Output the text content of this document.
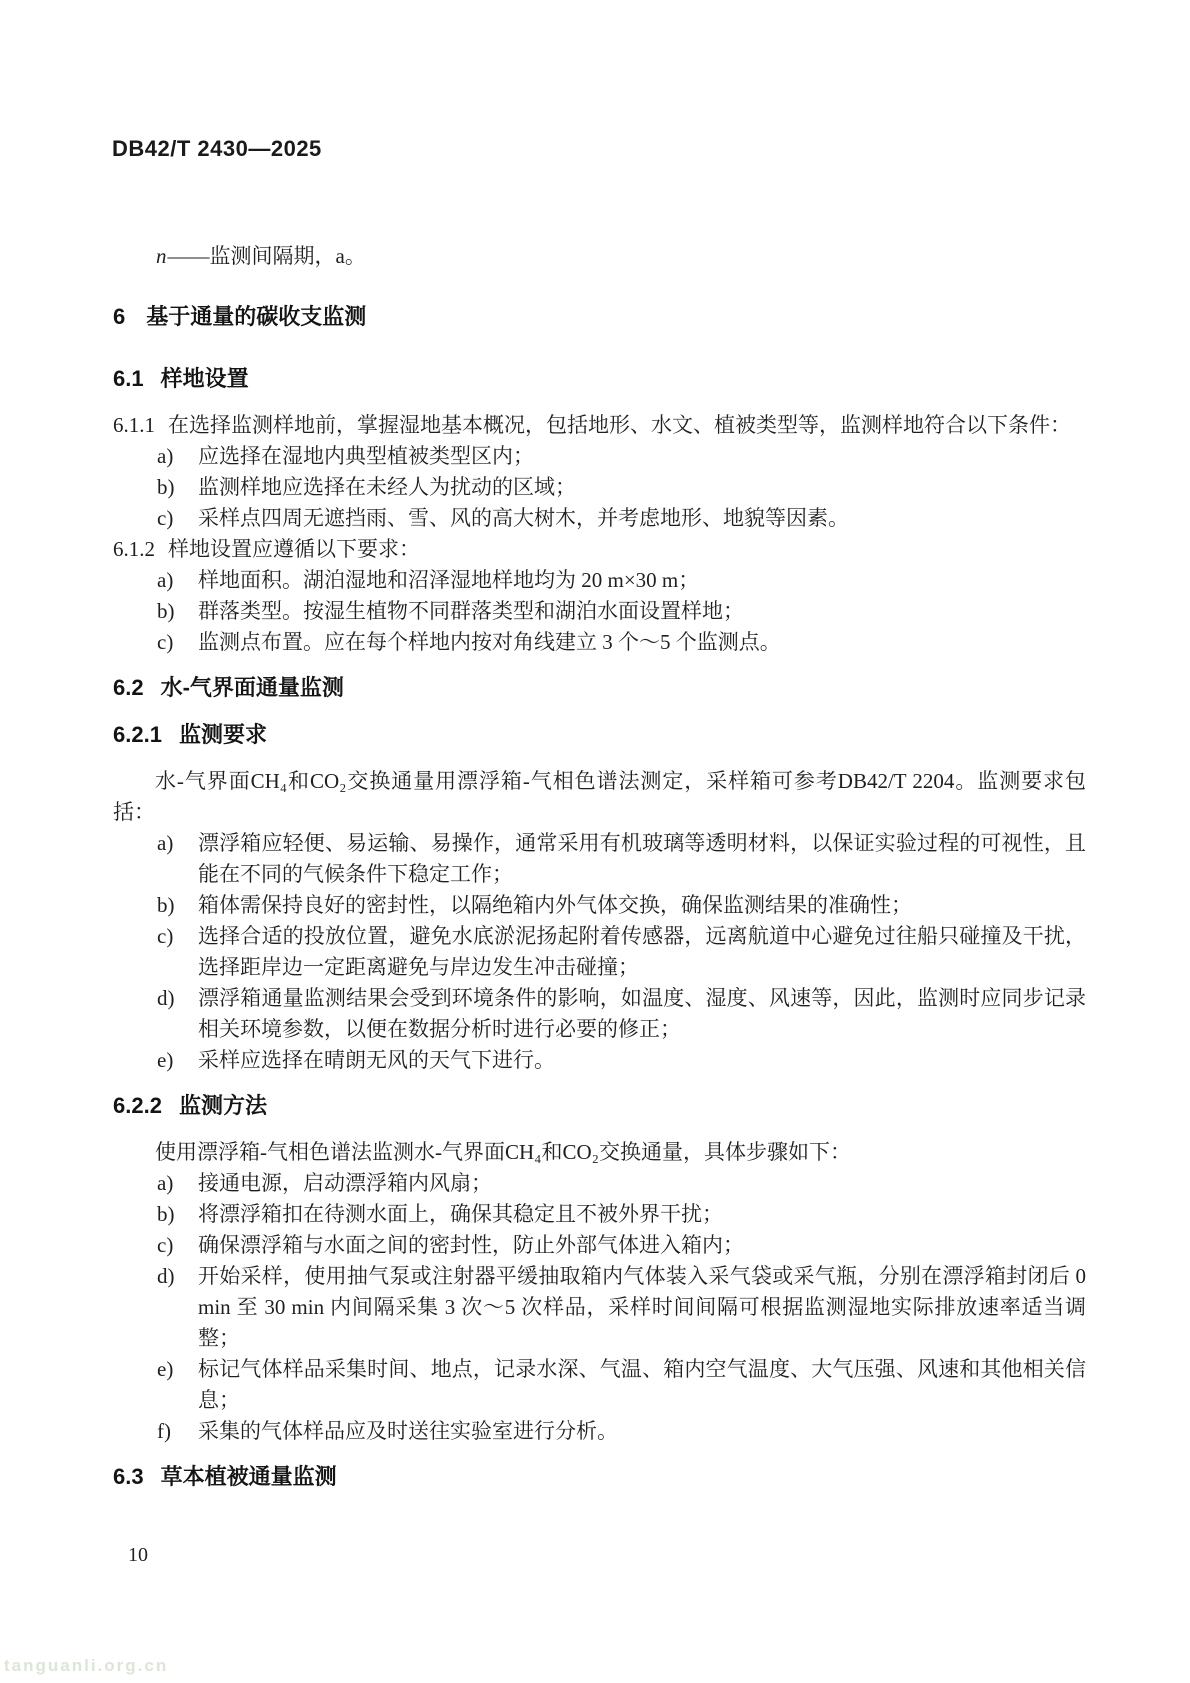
DB42/T 2430—2025

n——监测间隔期，a。

6 基于通量的碳收支监测
6.1 样地设置

6.1.1 在选择监测样地前，掌握湿地基本概况，包括地形、水文、植被类型等，监测样地符合以下条件：

a) 应选择在湿地内典型植被类型区内；
b) 监测样地应选择在未经人为扰动的区域；
c) 采样点四周无遮挡雨、雪、风的高大树木，并考虑地形、地貌等因素。

6.1.2 样地设置应遵循以下要求：

a) 样地面积。湖泊湿地和沼泽湿地样地均为 20 m×30 m；
b) 群落类型。按湿生植物不同群落类型和湖泊水面设置样地；
c) 监测点布置。应在每个样地内按对角线建立 3 个～5 个监测点。
6.2 水-气界面通量监测
6.2.1 监测要求

水-气界面CH₄和CO₂交换通量用漂浮箱-气相色谱法测定，采样箱可参考DB42/T 2204。监测要求包括：

a) 漂浮箱应轻便、易运输、易操作，通常采用有机玻璃等透明材料，以保证实验过程的可视性，且能在不同的气候条件下稳定工作；
b) 箱体需保持良好的密封性，以隔绝箱内外气体交换，确保监测结果的准确性；
c) 选择合适的投放位置，避免水底淤泥扬起附着传感器，远离航道中心避免过往船只碰撞及干扰，选择距岸边一定距离避免与岸边发生冲击碰撞；
d) 漂浮箱通量监测结果会受到环境条件的影响，如温度、湿度、风速等，因此，监测时应同步记录相关环境参数，以便在数据分析时进行必要的修正；
e) 采样应选择在晴朗无风的天气下进行。
6.2.2 监测方法

使用漂浮箱-气相色谱法监测水-气界面CH₄和CO₂交换通量，具体步骤如下：

a) 接通电源，启动漂浮箱内风扇；
b) 将漂浮箱扣在待测水面上，确保其稳定且不被外界干扰；
c) 确保漂浮箱与水面之间的密封性，防止外部气体进入箱内；
d) 开始采样，使用抽气泵或注射器平缓抽取箱内气体装入采气袋或采气瓶，分别在漂浮箱封闭后 0 min 至 30 min 内间隔采集 3 次～5 次样品，采样时间间隔可根据监测湿地实际排放速率适当调整；
e) 标记气体样品采集时间、地点，记录水深、气温、箱内空气温度、大气压强、风速和其他相关信息；
f) 采集的气体样品应及时送往实验室进行分析。
6.3 草本植被通量监测
10
tanguanli.org.cn
